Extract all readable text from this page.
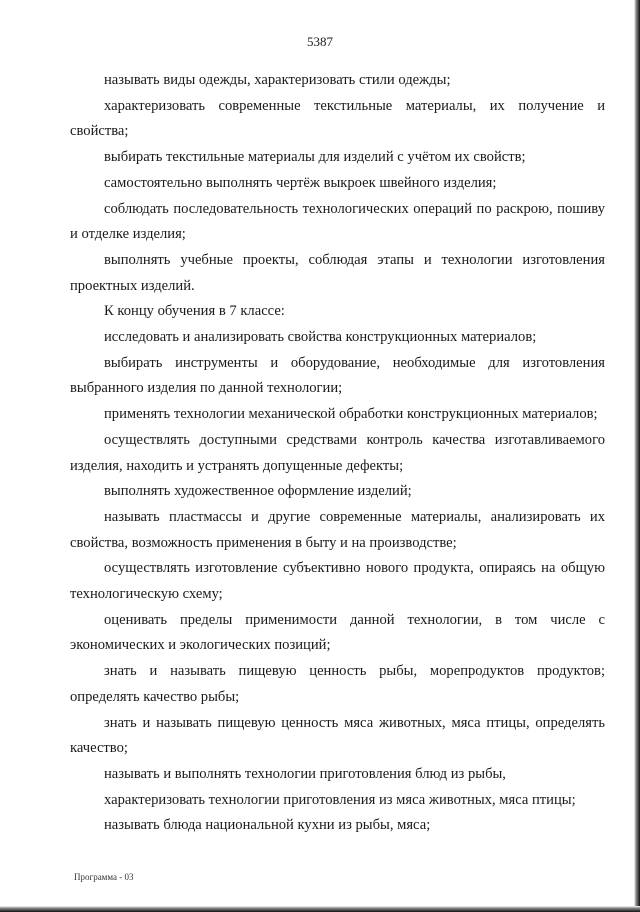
5387

называть виды одежды, характеризовать стили одежды;

характеризовать современные текстильные материалы, их получение и свойства;

выбирать текстильные материалы для изделий с учётом их свойств;

самостоятельно выполнять чертёж выкроек швейного изделия;

соблюдать последовательность технологических операций по раскрою, пошиву и отделке изделия;

выполнять учебные проекты, соблюдая этапы и технологии изготовления проектных изделий.

К концу обучения в 7 классе:

исследовать и анализировать свойства конструкционных материалов;

выбирать инструменты и оборудование, необходимые для изготовления выбранного изделия по данной технологии;

применять технологии механической обработки конструкционных материалов;

осуществлять доступными средствами контроль качества изготавливаемого изделия, находить и устранять допущенные дефекты;

выполнять художественное оформление изделий;

называть пластмассы и другие современные материалы, анализировать их свойства, возможность применения в быту и на производстве;

осуществлять изготовление субъективно нового продукта, опираясь на общую технологическую схему;

оценивать пределы применимости данной технологии, в том числе с экономических и экологических позиций;

знать и называть пищевую ценность рыбы, морепродуктов продуктов; определять качество рыбы;

знать и называть пищевую ценность мяса животных, мяса птицы, определять качество;

называть и выполнять технологии приготовления блюд из рыбы,

характеризовать технологии приготовления из мяса животных, мяса птицы;

называть блюда национальной кухни из рыбы, мяса;

Программа - 03
